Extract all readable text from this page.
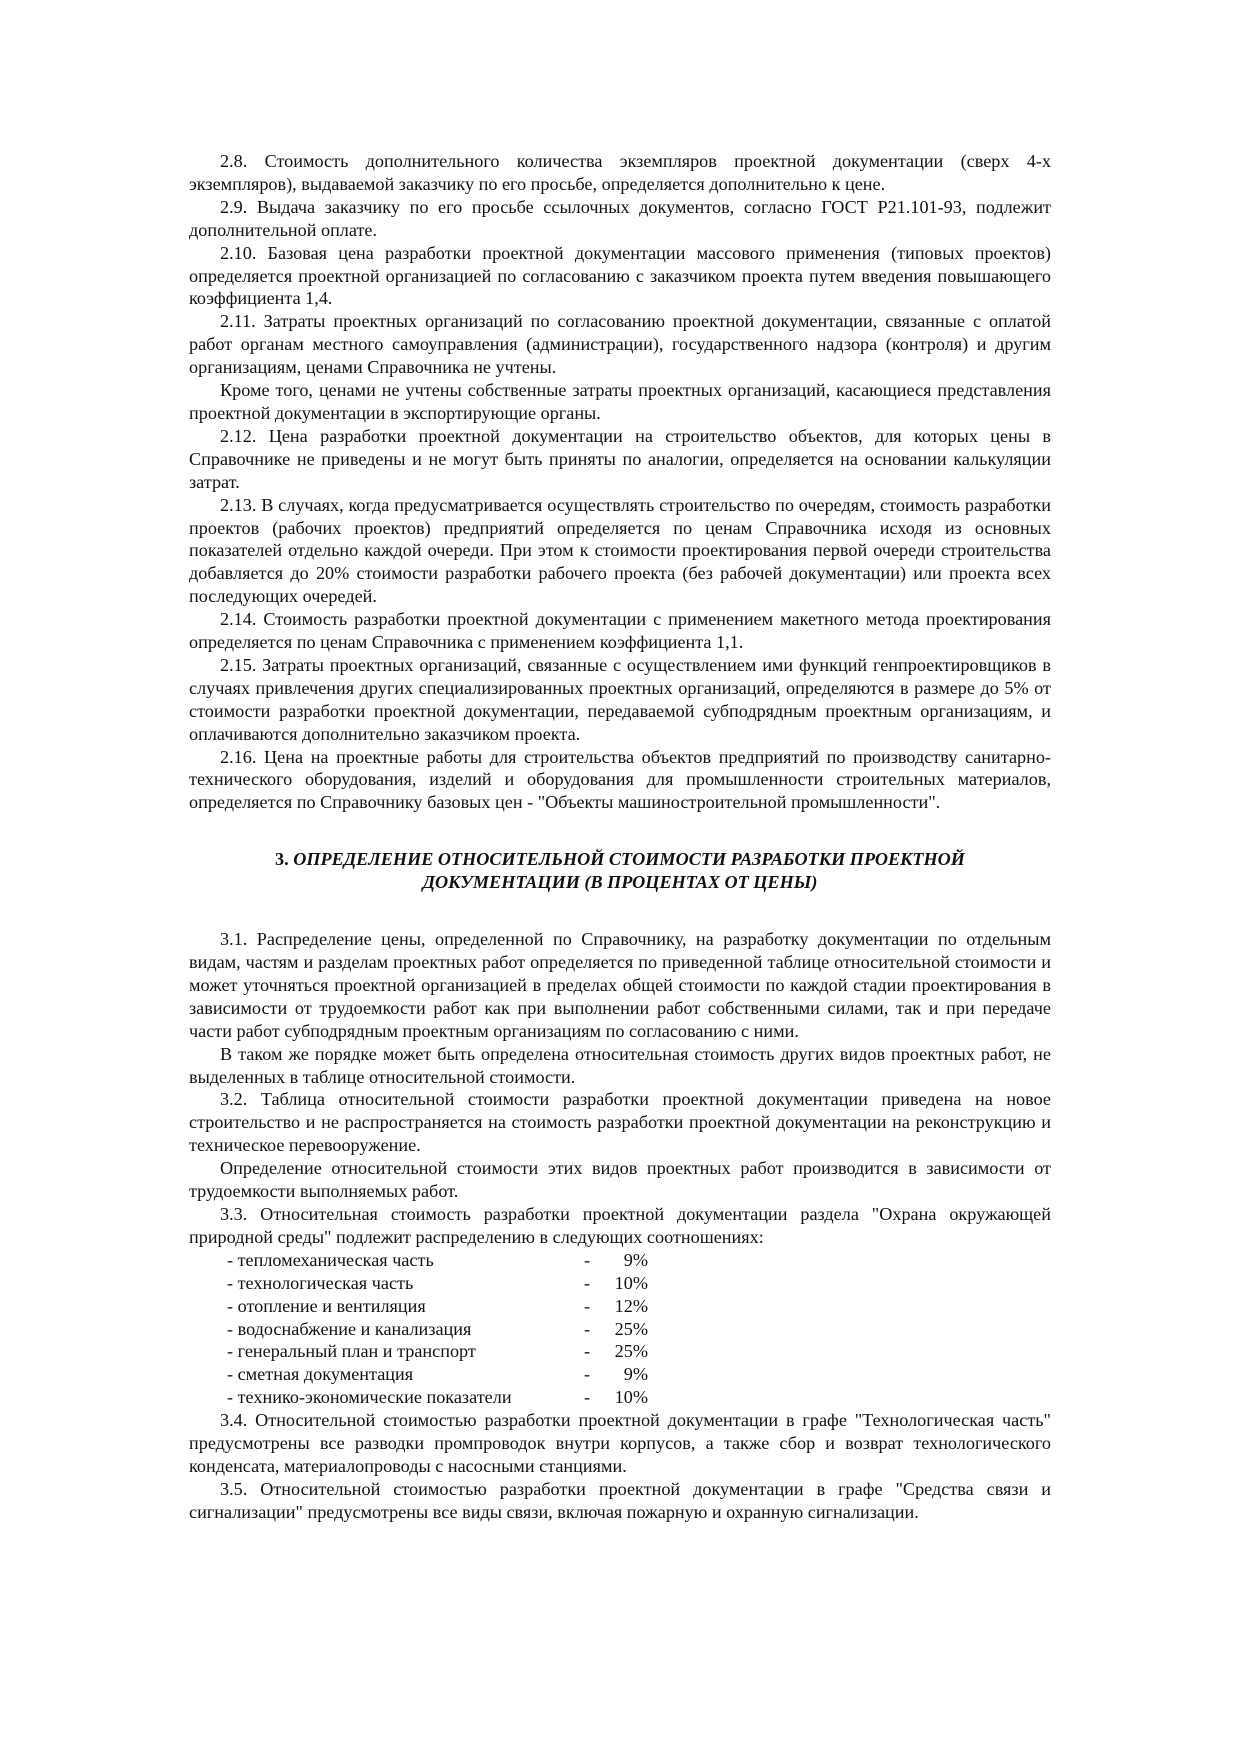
2.8. Стоимость дополнительного количества экземпляров проектной документации (сверх 4-х экземпляров), выдаваемой заказчику по его просьбе, определяется дополнительно к цене.

2.9. Выдача заказчику по его просьбе ссылочных документов, согласно ГОСТ Р21.101-93, подлежит дополнительной оплате.

2.10. Базовая цена разработки проектной документации массового применения (типовых проектов) определяется проектной организацией по согласованию с заказчиком проекта путем введения повышающего коэффициента 1,4.

2.11. Затраты проектных организаций по согласованию проектной документации, связанные с оплатой работ органам местного самоуправления (администрации), государственного надзора (контроля) и другим организациям, ценами Справочника не учтены.

Кроме того, ценами не учтены собственные затраты проектных организаций, касающиеся представления проектной документации в экспортирующие органы.

2.12. Цена разработки проектной документации на строительство объектов, для которых цены в Справочнике не приведены и не могут быть приняты по аналогии, определяется на основании калькуляции затрат.

2.13. В случаях, когда предусматривается осуществлять строительство по очередям, стоимость разработки проектов (рабочих проектов) предприятий определяется по ценам Справочника исходя из основных показателей отдельно каждой очереди. При этом к стоимости проектирования первой очереди строительства добавляется до 20% стоимости разработки рабочего проекта (без рабочей документации) или проекта всех последующих очередей.

2.14. Стоимость разработки проектной документации с применением макетного метода проектирования определяется по ценам Справочника с применением коэффициента 1,1.

2.15. Затраты проектных организаций, связанные с осуществлением ими функций генпроектировщиков в случаях привлечения других специализированных проектных организаций, определяются в размере до 5% от стоимости разработки проектной документации, передаваемой субподрядным проектным организациям, и оплачиваются дополнительно заказчиком проекта.

2.16. Цена на проектные работы для строительства объектов предприятий по производству санитарно-технического оборудования, изделий и оборудования для промышленности строительных материалов, определяется по Справочнику базовых цен - "Объекты машиностроительной промышленности".

3. ОПРЕДЕЛЕНИЕ ОТНОСИТЕЛЬНОЙ СТОИМОСТИ РАЗРАБОТКИ ПРОЕКТНОЙ ДОКУМЕНТАЦИИ (В ПРОЦЕНТАХ ОТ ЦЕНЫ)

3.1. Распределение цены, определенной по Справочнику, на разработку документации по отдельным видам, частям и разделам проектных работ определяется по приведенной таблице относительной стоимости и может уточняться проектной организацией в пределах общей стоимости по каждой стадии проектирования в зависимости от трудоемкости работ как при выполнении работ собственными силами, так и при передаче части работ субподрядным проектным организациям по согласованию с ними.

В таком же порядке может быть определена относительная стоимость других видов проектных работ, не выделенных в таблице относительной стоимости.

3.2. Таблица относительной стоимости разработки проектной документации приведена на новое строительство и не распространяется на стоимость разработки проектной документации на реконструкцию и техническое перевооружение.

Определение относительной стоимости этих видов проектных работ производится в зависимости от трудоемкости выполняемых работ.

3.3. Относительная стоимость разработки проектной документации раздела "Охрана окружающей природной среды" подлежит распределению в следующих соотношениях:

- тепломеханическая часть	-	9%
- технологическая часть	-	10%
- отопление и вентиляция	-	12%
- водоснабжение и канализация	-	25%
- генеральный план и транспорт	-	25%
- сметная документация	-	9%
- технико-экономические показатели	-	10%

3.4. Относительной стоимостью разработки проектной документации в графе "Технологическая часть" предусмотрены все разводки промпроводок внутри корпусов, а также сбор и возврат технологического конденсата, материалопроводы с насосными станциями.

3.5. Относительной стоимостью разработки проектной документации в графе "Средства связи и сигнализации" предусмотрены все виды связи, включая пожарную и охранную сигнализации.
